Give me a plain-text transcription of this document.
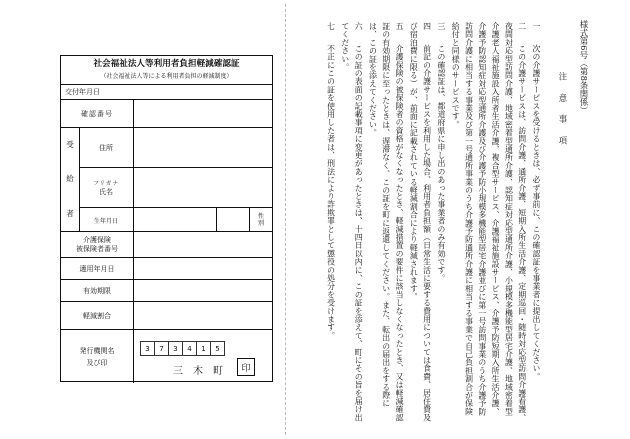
社会福祉法人等利用者負担軽減確認証
（社会福祉法人等による利用者負担の軽減制度）
交付年月日
確認番号
受
給
者
住所
フリガナ
氏名
生年月日
性
別
介護保険
被保険者番号
適用年月日
有効期限
軽減割合
発行機関名
及び印
3	7	3	4	1	5
三木町 印
様式第6号（第8条関係）
注意事項

一　次の介護サービスを受けるときは、必ず事前に、この確認証を事業者に提出してください。

二　この介護サービスは、訪問介護、通所介護、短期入所生活介護、定期巡回・随時対応型訪問介護看護、夜間対応型訪問介護、地域密着型通所介護、認知症対応型通所介護、小規模多機能型居宅介護、地域密着型介護老人福祉施設入所者生活介護、複合型サービス、介護福祉施設サービス、介護予防短期入所生活介護、介護予防認知症対応型通所介護及び介護予防小規模多機能型居宅介護並びに第一号訪問事業のうち介護予防訪問介護に相当する事業及び第一号通所事業のうち介護予防通所介護に相当する事業で自己負担割合が保険給付と同様のサービスです。

三　この確認証は、都道府県に申し出のあった事業者のみ有効です。

四　前記の介護サービスを利用した場合、利用者負担額（日常生活に要する費用については食費、居住費及び宿泊費に限る）が、前面に記載されている軽減割合により軽減されます。

五　介護保険の被保険者の資格がなくなったとき、軽減措置の要件に該当しなくなったとき、又は軽減確認証の有効期限に至ったときは、遅滞なく、この証を町に返還してください。また、転出の届出をする際には、この証を添えてください。

六　この証の表面の記載事項に変更があったときは、十四日以内に、この証を添えて、町にその旨を届け出てください。

七　不正にこの証を使用した者は、刑法により詐欺罪として懲役の処分を受けます。
